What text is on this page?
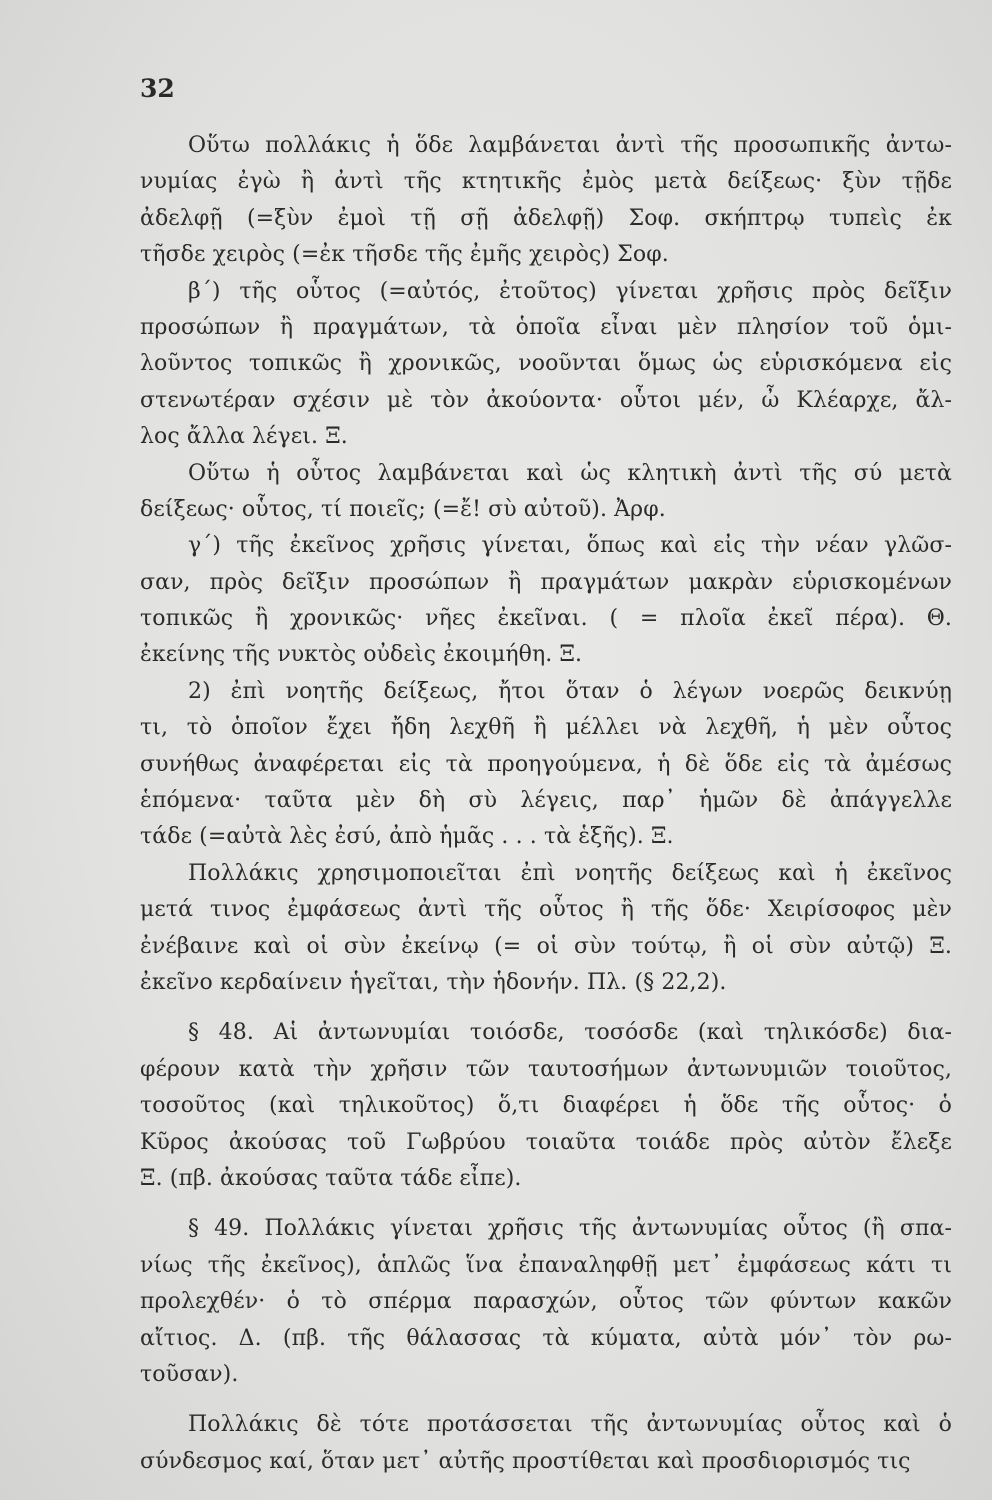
32
Οὕτω πολλάκις ἡ ὅδε λαμβάνεται ἀντὶ τῆς προσωπικῆς ἀντω-
νυμίας ἐγὼ ἢ ἀντὶ τῆς κτητικῆς ἐμὸς μετὰ δείξεως· ξὺν τῇδε
ἀδελφῇ (=ξὺν ἐμοὶ τῇ σῇ ἀδελφῇ) Σοφ. σκήπτρῳ τυπεὶς ἐκ
τῆσδε χειρὸς (=ἐκ τῆσδε τῆς ἐμῆς χειρὸς) Σοφ.
β΄) τῆς οὗτος (=αὐτός, ἐτοῦτος) γίνεται χρῆσις πρὸς δεῖξιν
προσώπων ἢ πραγμάτων, τὰ ὁποῖα εἶναι μὲν πλησίον τοῦ ὁμι-
λοῦντος τοπικῶς ἢ χρονικῶς, νοοῦνται ὅμως ὡς εὑρισκόμενα εἰς
στενωτέραν σχέσιν μὲ τὸν ἀκούοντα· οὗτοι μέν, ὦ Κλέαρχε, ἄλ-
λος ἄλλα λέγει. Ξ.
Οὕτω ἡ οὗτος λαμβάνεται καὶ ὡς κλητικὴ ἀντὶ τῆς σύ μετὰ
δείξεως· οὗτος, τί ποιεῖς; (=ἔ! σὺ αὐτοῦ). Ἀρφ.
γ΄) τῆς ἐκεῖνος χρῆσις γίνεται, ὅπως καὶ εἰς τὴν νέαν γλῶσ-
σαν, πρὸς δεῖξιν προσώπων ἢ πραγμάτων μακρὰν εὑρισκομένων
τοπικῶς ἢ χρονικῶς· νῆες ἐκεῖναι. ( = πλοῖα ἐκεῖ πέρα). Θ.
ἐκείνης τῆς νυκτὸς οὐδεὶς ἐκοιμήθη. Ξ.
2) ἐπὶ νοητῆς δείξεως, ἤτοι ὅταν ὁ λέγων νοερῶς δεικνύῃ
τι, τὸ ὁποῖον ἔχει ἤδη λεχθῆ ἢ μέλλει νὰ λεχθῆ, ἡ μὲν οὗτος
συνήθως ἀναφέρεται εἰς τὰ προηγούμενα, ἡ δὲ ὅδε εἰς τὰ ἀμέσως
ἑπόμενα· ταῦτα μὲν δὴ σὺ λέγεις, παρ᾽ ἡμῶν δὲ ἀπάγγελλε
τάδε (=αὐτὰ λὲς ἐσύ, ἀπὸ ἡμᾶς . . . τὰ ἑξῆς). Ξ.
Πολλάκις χρησιμοποιεῖται ἐπὶ νοητῆς δείξεως καὶ ἡ ἐκεῖνος
μετά τινος ἐμφάσεως ἀντὶ τῆς οὗτος ἢ τῆς ὅδε· Χειρίσοφος μὲν
ἐνέβαινε καὶ οἱ σὺν ἐκείνῳ (= οἱ σὺν τούτῳ, ἢ οἱ σὺν αὐτῷ) Ξ.
ἐκεῖνο κερδαίνειν ἡγεῖται, τὴν ἡδονήν. Πλ. (§ 22,2).
§ 48. Αἱ ἀντωνυμίαι τοιόσδε, τοσόσδε (καὶ τηλικόσδε) δια-
φέρουν κατὰ τὴν χρῆσιν τῶν ταυτοσήμων ἀντωνυμιῶν τοιοῦτος,
τοσοῦτος (καὶ τηλικοῦτος) ὅ,τι διαφέρει ἡ ὅδε τῆς οὗτος· ὁ
Κῦρος ἀκούσας τοῦ Γωβρύου τοιαῦτα τοιάδε πρὸς αὐτὸν ἔλεξε
Ξ. (πβ. ἀκούσας ταῦτα τάδε εἶπε).
§ 49. Πολλάκις γίνεται χρῆσις τῆς ἀντωνυμίας οὗτος (ἢ σπα-
νίως τῆς ἐκεῖνος), ἁπλῶς ἵνα ἐπαναληφθῇ μετ᾽ ἐμφάσεως κάτι τι
προλεχθέν· ὁ τὸ σπέρμα παρασχών, οὗτος τῶν φύντων κακῶν
αἴτιος. Δ. (πβ. τῆς θάλασσας τὰ κύματα, αὐτὰ μόν᾽ τὸν ρω-
τοῦσαν).
Πολλάκις δὲ τότε προτάσσεται τῆς ἀντωνυμίας οὗτος καὶ ὁ
σύνδεσμος καί, ὅταν μετ᾽ αὐτῆς προστίθεται καὶ προσδιορισμός τις
